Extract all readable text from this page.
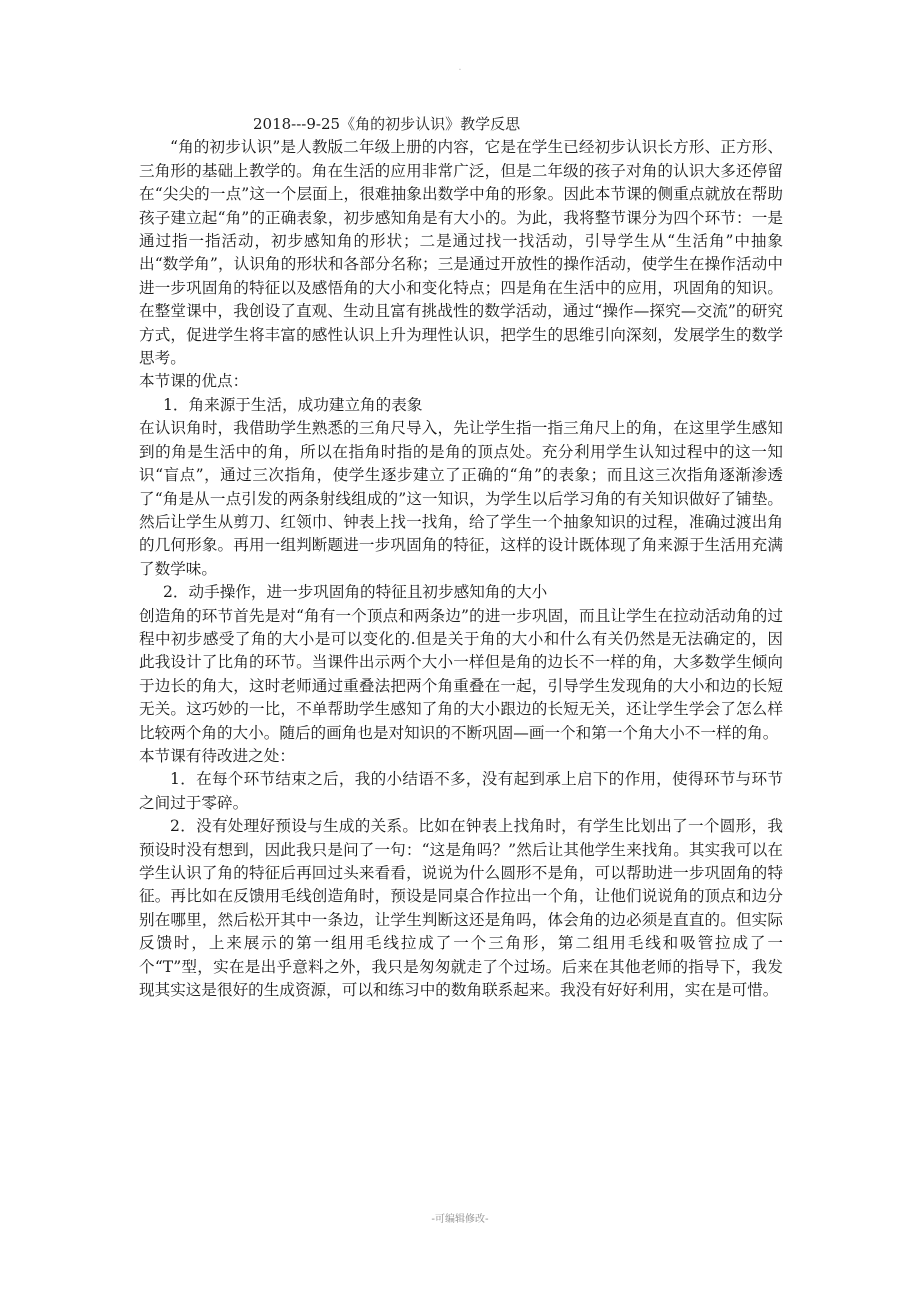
.

2018---9-25《角的初步认识》教学反思

“角的初步认识”是人教版二年级上册的内容，它是在学生已经初步认识长方形、正方形、三角形的基础上教学的。角在生活的应用非常广泛，但是二年级的孩子对角的认识大多还停留在“尖尖的一点”这一个层面上，很难抽象出数学中角的形象。因此本节课的侧重点就放在帮助孩子建立起“角”的正确表象，初步感知角是有大小的。为此，我将整节课分为四个环节：一是通过指一指活动，初步感知角的形状；二是通过找一找活动，引导学生从“生活角”中抽象出“数学角”，认识角的形状和各部分名称；三是通过开放性的操作活动，使学生在操作活动中进一步巩固角的特征以及感悟角的大小和变化特点；四是角在生活中的应用，巩固角的知识。在整堂课中，我创设了直观、生动且富有挑战性的数学活动，通过“操作—探究—交流”的研究方式，促进学生将丰富的感性认识上升为理性认识，把学生的思维引向深刻，发展学生的数学思考。

本节课的优点：

1．角来源于生活，成功建立角的表象

在认识角时，我借助学生熟悉的三角尺导入，先让学生指一指三角尺上的角，在这里学生感知到的角是生活中的角，所以在指角时指的是角的顶点处。充分利用学生认知过程中的这一知识“盲点”，通过三次指角，使学生逐步建立了正确的“角”的表象；而且这三次指角逐渐渗透了“角是从一点引发的两条射线组成的”这一知识，为学生以后学习角的有关知识做好了铺垫。然后让学生从剪刀、红领巾、钟表上找一找角，给了学生一个抽象知识的过程，准确过渡出角的几何形象。再用一组判断题进一步巩固角的特征，这样的设计既体现了角来源于生活用充满了数学味。

2．动手操作，进一步巩固角的特征且初步感知角的大小

创造角的环节首先是对“角有一个顶点和两条边”的进一步巩固，而且让学生在拉动活动角的过程中初步感受了角的大小是可以变化的.但是关于角的大小和什么有关仍然是无法确定的，因此我设计了比角的环节。当课件出示两个大小一样但是角的边长不一样的角，大多数学生倾向于边长的角大，这时老师通过重叠法把两个角重叠在一起，引导学生发现角的大小和边的长短无关。这巧妙的一比，不单帮助学生感知了角的大小跟边的长短无关，还让学生学会了怎么样比较两个角的大小。随后的画角也是对知识的不断巩固—画一个和第一个角大小不一样的角。

本节课有待改进之处：

1．在每个环节结束之后，我的小结语不多，没有起到承上启下的作用，使得环节与环节之间过于零碎。

2．没有处理好预设与生成的关系。比如在钟表上找角时，有学生比划出了一个圆形，我预设时没有想到，因此我只是问了一句：“这是角吗？”然后让其他学生来找角。其实我可以在学生认识了角的特征后再回过头来看看，说说为什么圆形不是角，可以帮助进一步巩固角的特征。再比如在反馈用毛线创造角时，预设是同桌合作拉出一个角，让他们说说角的顶点和边分别在哪里，然后松开其中一条边，让学生判断这还是角吗，体会角的边必须是直直的。但实际反馈时，上来展示的第一组用毛线拉成了一个三角形，第二组用毛线和吸管拉成了一个“T”型，实在是出乎意料之外，我只是匆匆就走了个过场。后来在其他老师的指导下，我发现其实这是很好的生成资源，可以和练习中的数角联系起来。我没有好好利用，实在是可惜。

-可编辑修改-
